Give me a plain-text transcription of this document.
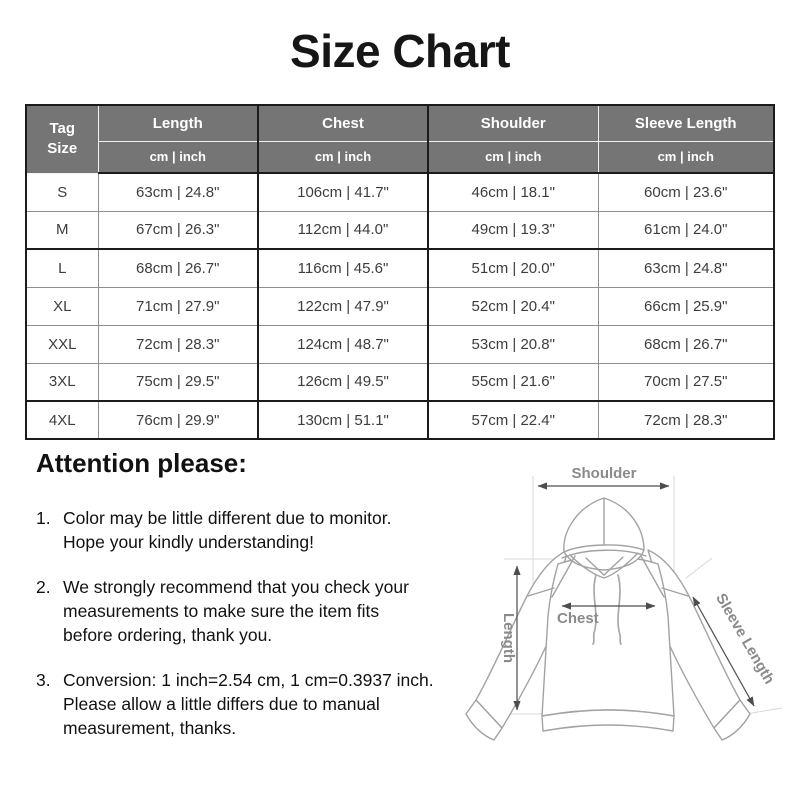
Size Chart
Tag
Size	Length	Chest	Shoulder	Sleeve Length
	cm | inch	cm | inch	cm | inch	cm | inch
S	63cm | 24.8"	106cm | 41.7"	46cm | 18.1"	60cm | 23.6"
M	67cm | 26.3"	112cm | 44.0"	49cm | 19.3"	61cm | 24.0"
L	68cm | 26.7"	116cm | 45.6"	51cm | 20.0"	63cm | 24.8"
XL	71cm | 27.9"	122cm | 47.9"	52cm | 20.4"	66cm | 25.9"
XXL	72cm | 28.3"	124cm | 48.7"	53cm | 20.8"	68cm | 26.7"
3XL	75cm | 29.5"	126cm | 49.5"	55cm | 21.6"	70cm | 27.5"
4XL	76cm | 29.9"	130cm | 51.1"	57cm | 22.4"	72cm | 28.3"
Attention please:
1. Color may be little different due to monitor.
Hope your kindly understanding!
2. We strongly recommend that you check your
measurements to make sure the item fits
before ordering, thank you.
3. Conversion: 1 inch=2.54 cm, 1 cm=0.3937 inch.
Please allow a little differs due to manual
measurement, thanks.
Shoulder
Length	Chest	Sleeve Length
